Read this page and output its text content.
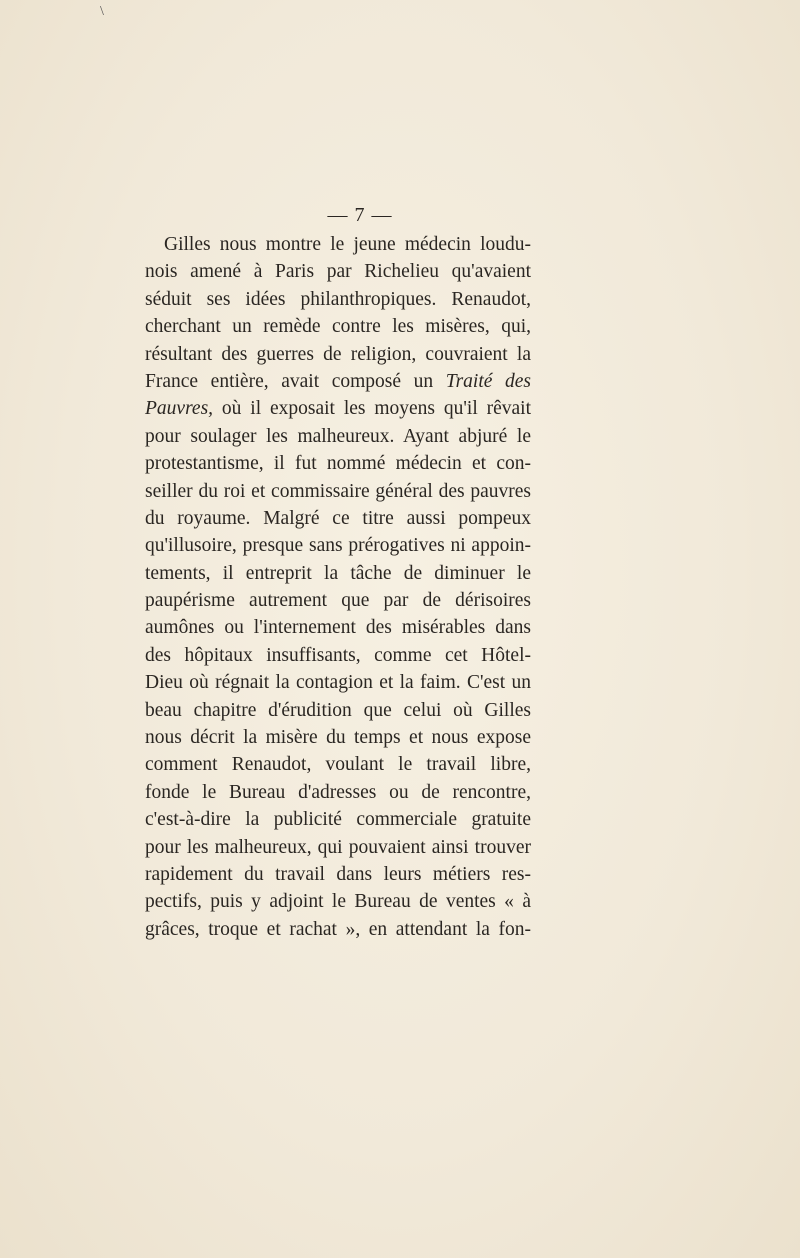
\
— 7 —
Gilles nous montre le jeune médecin loudu-
nois amené à Paris par Richelieu qu'avaient
séduit ses idées philanthropiques. Renaudot,
cherchant un remède contre les misères, qui,
résultant des guerres de religion, couvraient la
France entière, avait composé un Traité des
Pauvres, où il exposait les moyens qu'il rêvait
pour soulager les malheureux. Ayant abjuré le
protestantisme, il fut nommé médecin et con-
seiller du roi et commissaire général des pauvres
du royaume. Malgré ce titre aussi pompeux
qu'illusoire, presque sans prérogatives ni appoin-
tements, il entreprit la tâche de diminuer le
paupérisme autrement que par de dérisoires
aumônes ou l'internement des misérables dans
des hôpitaux insuffisants, comme cet Hôtel-
Dieu où régnait la contagion et la faim. C'est un
beau chapitre d'érudition que celui où Gilles
nous décrit la misère du temps et nous expose
comment Renaudot, voulant le travail libre,
fonde le Bureau d'adresses ou de rencontre,
c'est-à-dire la publicité commerciale gratuite
pour les malheureux, qui pouvaient ainsi trouver
rapidement du travail dans leurs métiers res-
pectifs, puis y adjoint le Bureau de ventes « à
grâces, troque et rachat », en attendant la fon-
